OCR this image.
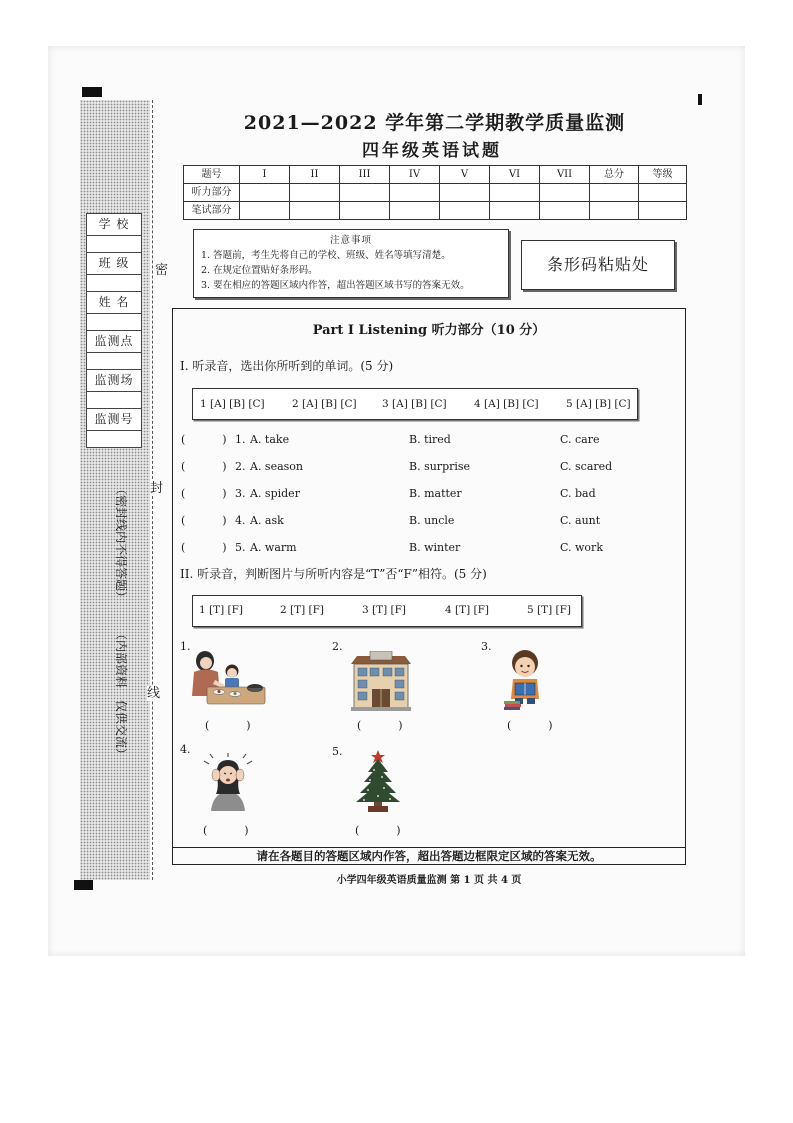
密
封
线
学 校

班 级

姓 名

监测点

监测场

监测号

（密封线内不得答题）
（内部资料　仅供交流）
2021—2022 学年第二学期教学质量监测
四年级英语试题
题号	I	II	III	IV	V	VI	VII	总分	等级
听力部分									
笔试部分									
注意事项
1. 答题前，考生先将自己的学校、班级、姓名等填写清楚。
2. 在规定位置贴好条形码。
3. 要在相应的答题区域内作答，超出答题区域书写的答案无效。
条形码粘贴处
Part I Listening 听力部分（10 分）
I. 听录音，选出你所听到的单词。(5 分)
1 [A] [B] [C]	2 [A] [B] [C] 3 [A] [B] [C]	4 [A] [B] [C]	5 [A] [B] [C]
(　　　) 1. A. take	B. tired	C. care
(　　　) 2. A. season	B. surprise	C. scared
(　　　) 3. A. spider	B. matter	C. bad
(　　　) 4. A. ask	B. uncle	C. aunt
(　　　) 5. A. warm	B. winter	C. work
II. 听录音，判断图片与所听内容是“T”否“F”相符。(5 分)
1 [T] [F]	2 [T] [F]	3 [T] [F]	4 [T] [F]	5 [T] [F]
1.	2.	3.
4.	5.
(　　　)	(　　　)	(　　　)
(　　　)	(　　　)
请在各题目的答题区域内作答，超出答题边框限定区域的答案无效。
小学四年级英语质量监测 第 1 页 共 4 页
